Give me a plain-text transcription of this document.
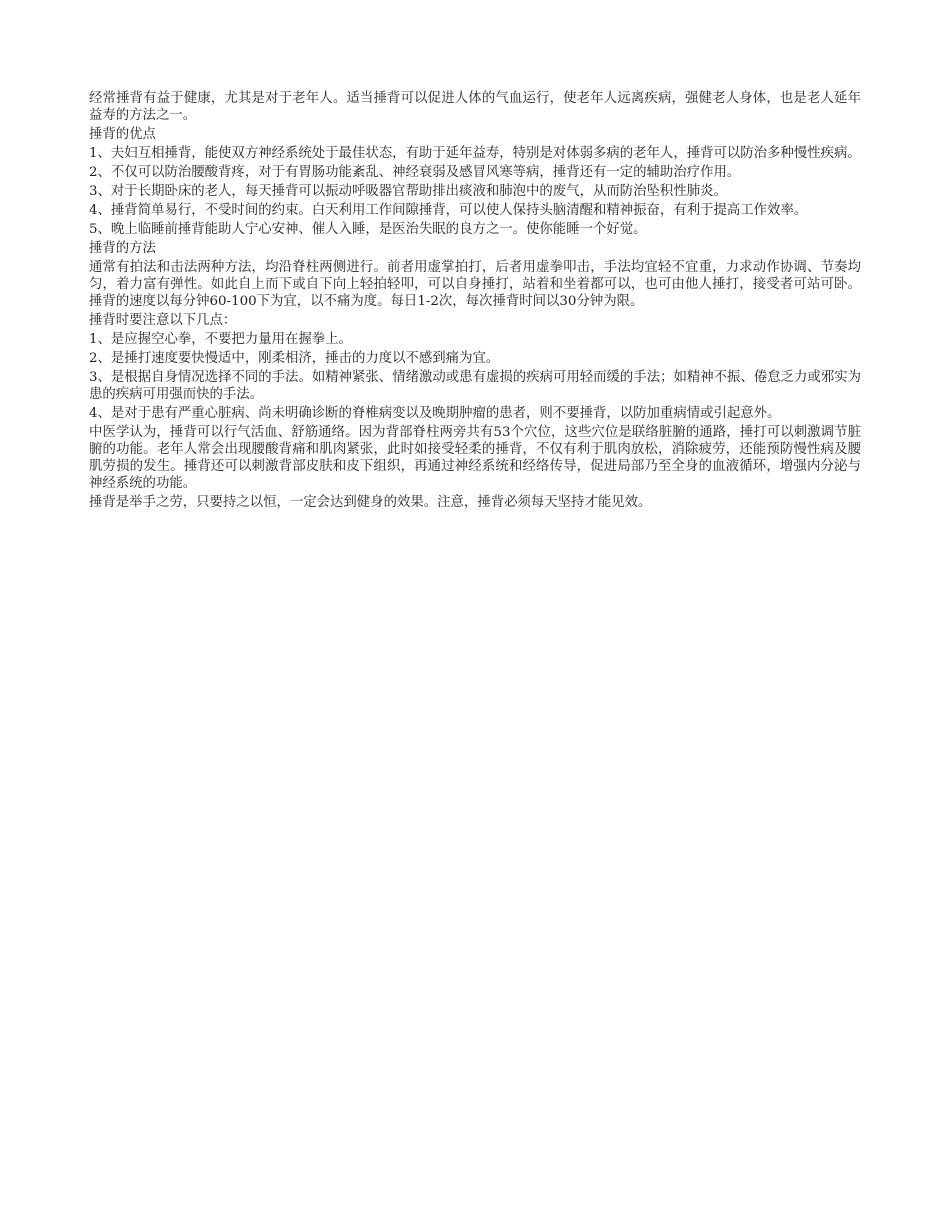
经常捶背有益于健康，尤其是对于老年人。适当捶背可以促进人体的气血运行，使老年人远离疾病，强健老人身体，也是老人延年益寿的方法之一。

捶背的优点

1、夫妇互相捶背，能使双方神经系统处于最佳状态，有助于延年益寿，特别是对体弱多病的老年人，捶背可以防治多种慢性疾病。

2、不仅可以防治腰酸背疼，对于有胃肠功能紊乱、神经衰弱及感冒风寒等病，捶背还有一定的辅助治疗作用。

3、对于长期卧床的老人，每天捶背可以振动呼吸器官帮助排出痰液和肺泡中的废气，从而防治坠积性肺炎。

4、捶背简单易行，不受时间的约束。白天利用工作间隙捶背，可以使人保持头脑清醒和精神振奋，有利于提高工作效率。

5、晚上临睡前捶背能助人宁心安神、催人入睡，是医治失眠的良方之一。使你能睡一个好觉。

捶背的方法

通常有拍法和击法两种方法，均沿脊柱两侧进行。前者用虚掌拍打，后者用虚拳叩击，手法均宜轻不宜重，力求动作协调、节奏均匀，着力富有弹性。如此自上而下或自下向上轻拍轻叩，可以自身捶打，站着和坐着都可以，也可由他人捶打，接受者可站可卧。捶背的速度以每分钟60-100下为宜，以不痛为度。每日1-2次，每次捶背时间以30分钟为限。

捶背时要注意以下几点：

1、是应握空心拳，不要把力量用在握拳上。

2、是捶打速度要快慢适中，刚柔相济，捶击的力度以不感到痛为宜。

3、是根据自身情况选择不同的手法。如精神紧张、情绪激动或患有虚损的疾病可用轻而缓的手法；如精神不振、倦怠乏力或邪实为患的疾病可用强而快的手法。

4、是对于患有严重心脏病、尚未明确诊断的脊椎病变以及晚期肿瘤的患者，则不要捶背，以防加重病情或引起意外。

中医学认为，捶背可以行气活血、舒筋通络。因为背部脊柱两旁共有53个穴位，这些穴位是联络脏腑的通路，捶打可以刺激调节脏腑的功能。老年人常会出现腰酸背痛和肌肉紧张，此时如接受轻柔的捶背，不仅有利于肌肉放松，消除疲劳，还能预防慢性病及腰肌劳损的发生。捶背还可以刺激背部皮肤和皮下组织，再通过神经系统和经络传导，促进局部乃至全身的血液循环，增强内分泌与神经系统的功能。

捶背是举手之劳，只要持之以恒，一定会达到健身的效果。注意，捶背必须每天坚持才能见效。
